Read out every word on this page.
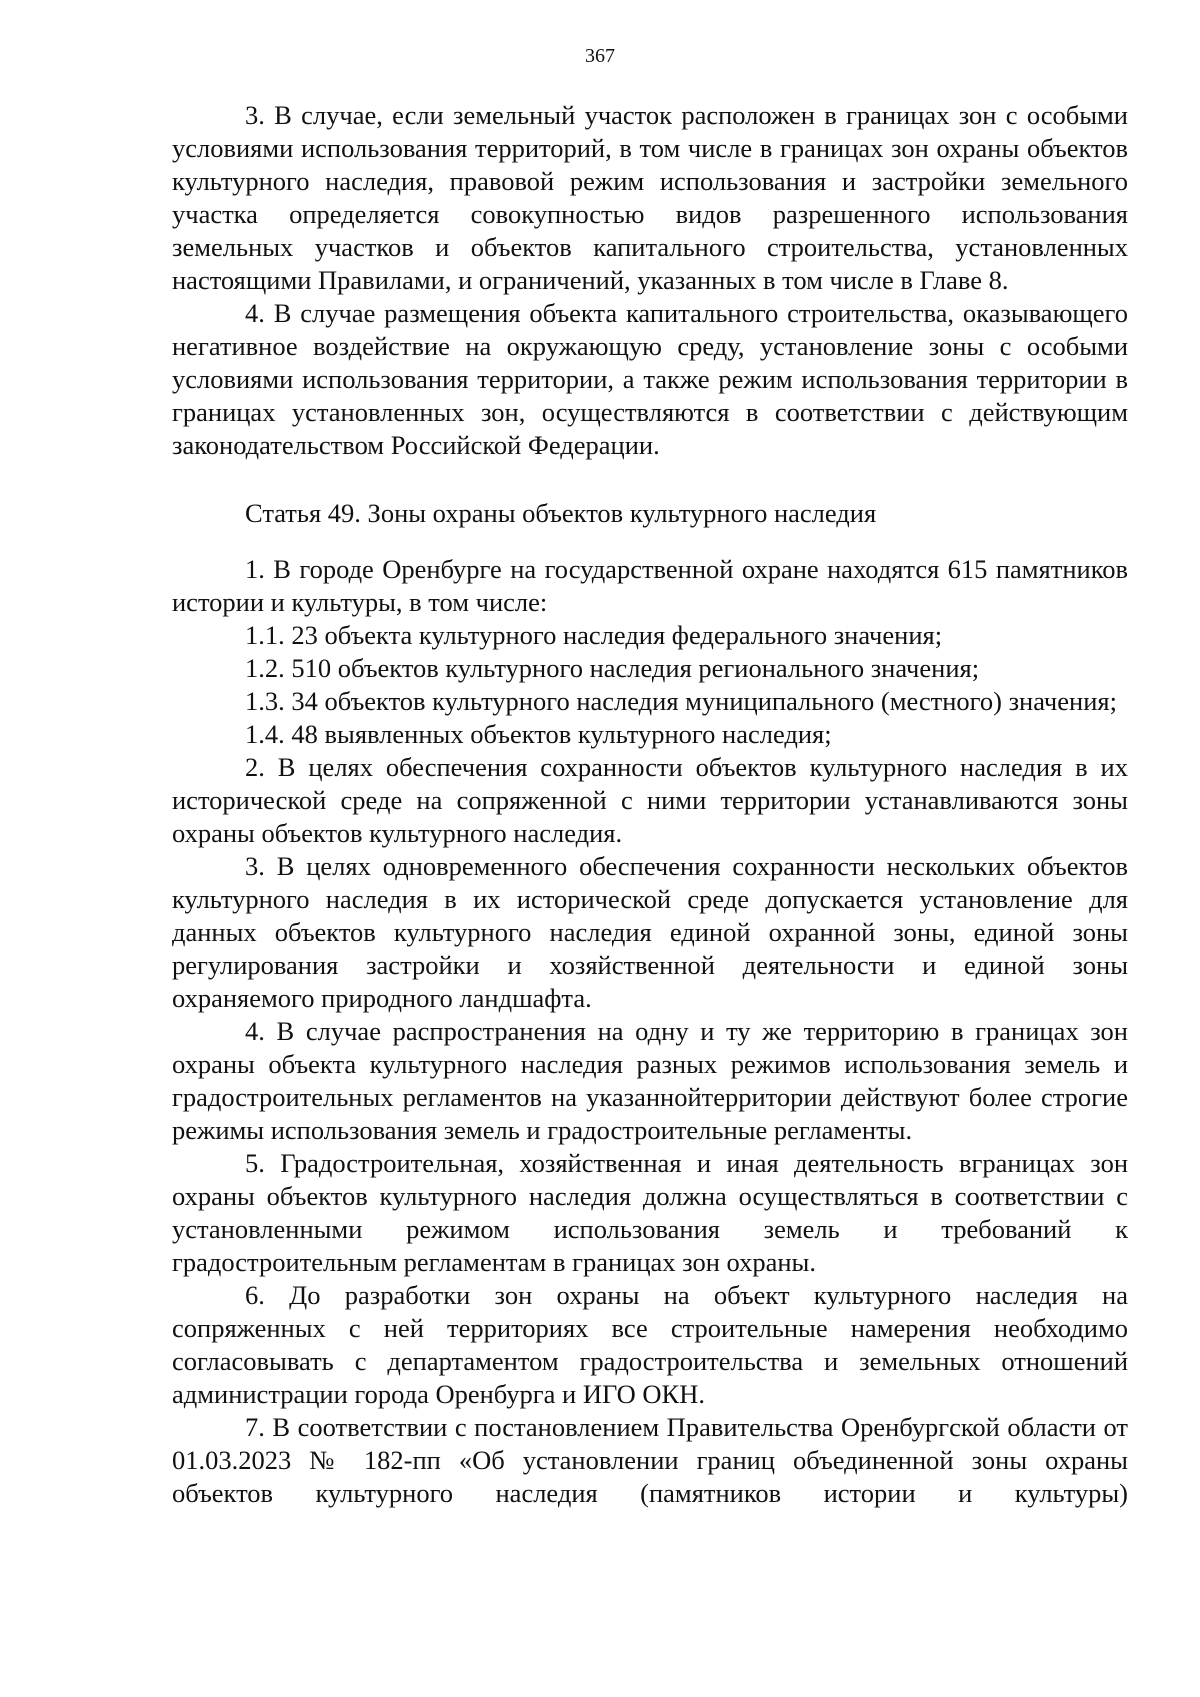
367

3. В случае, если земельный участок расположен в границах зон с особыми условиями использования территорий, в том числе в границах зон охраны объектов культурного наследия, правовой режим использования и застройки земельного участка определяется совокупностью видов разрешенного использования земельных участков и объектов капитального строительства, установленных настоящими Правилами, и ограничений, указанных в том числе в Главе 8.

4. В случае размещения объекта капитального строительства, оказывающего негативное воздействие на окружающую среду, установление зоны с особыми условиями использования территории, а также режим использования территории в границах установленных зон, осуществляются в соответствии с действующим законодательством Российской Федерации.

Статья 49. Зоны охраны объектов культурного наследия

1. В городе Оренбурге на государственной охране находятся 615 памятников истории и культуры, в том числе:

1.1. 23 объекта культурного наследия федерального значения;

1.2. 510 объектов культурного наследия регионального значения;

1.3. 34 объектов культурного наследия муниципального (местного) значения;

1.4. 48 выявленных объектов культурного наследия;

2. В целях обеспечения сохранности объектов культурного наследия в их исторической среде на сопряженной с ними территории устанавливаются зоны охраны объектов культурного наследия.

3. В целях одновременного обеспечения сохранности нескольких объектов культурного наследия в их исторической среде допускается установление для данных объектов культурного наследия единой охранной зоны, единой зоны регулирования застройки и хозяйственной деятельности и единой зоны охраняемого природного ландшафта.

4. В случае распространения на одну и ту же территорию в границах зон охраны объекта культурного наследия разных режимов использования земель и градостроительных регламентов на указаннойтерритории действуют более строгие режимы использования земель и градостроительные регламенты.

5. Градостроительная, хозяйственная и иная деятельность вграницах зон охраны объектов культурного наследия должна осуществляться в соответствии с установленными режимом использования земель и требований к градостроительным регламентам в границах зон охраны.

6. До разработки зон охраны на объект культурного наследия на сопряженных с ней территориях все строительные намерения необходимо согласовывать с департаментом градостроительства и земельных отношений администрации города Оренбурга и ИГО ОКН.

7. В соответствии с постановлением Правительства Оренбургской области от 01.03.2023 № 182-пп «Об установлении границ объединенной зоны охраны объектов культурного наследия (памятников истории и культуры)
